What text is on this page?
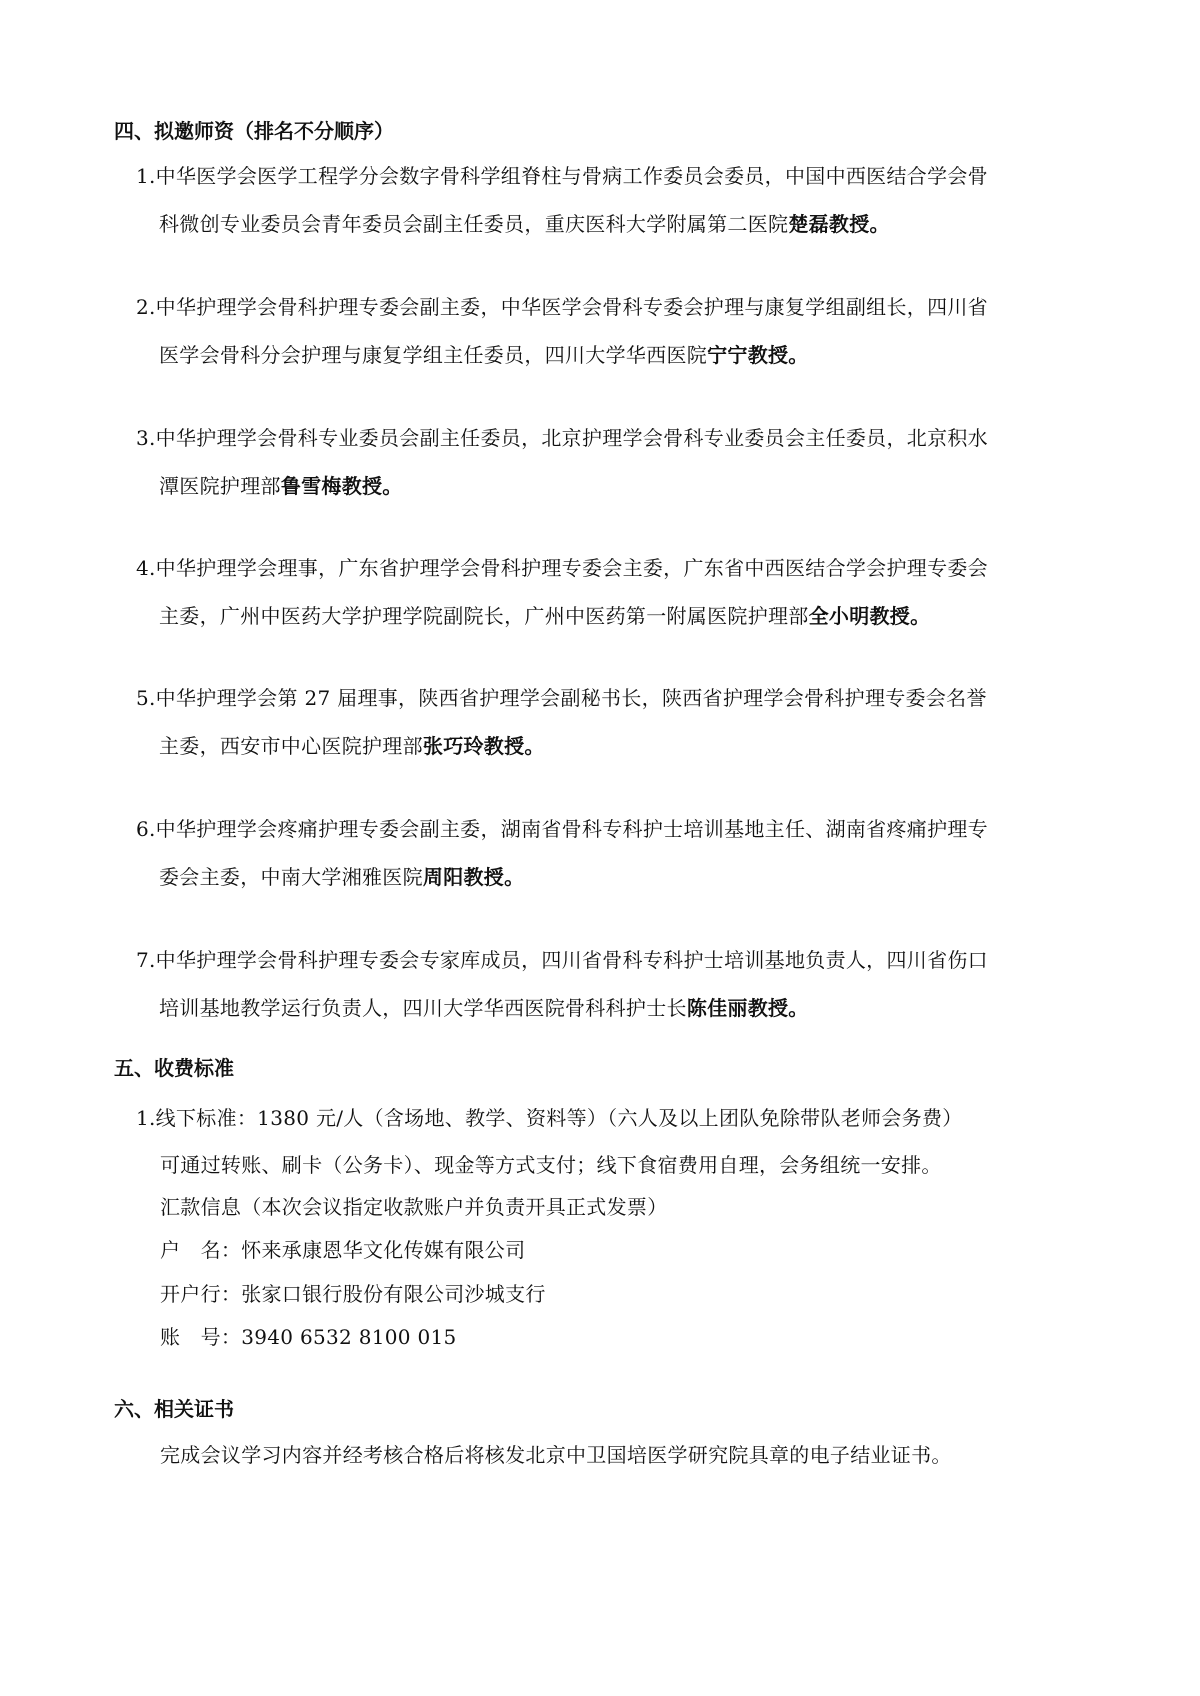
四、拟邀师资（排名不分顺序）
1.中华医学会医学工程学分会数字骨科学组脊柱与骨病工作委员会委员，中国中西医结合学会骨
科微创专业委员会青年委员会副主任委员，重庆医科大学附属第二医院楚磊教授。
2.中华护理学会骨科护理专委会副主委，中华医学会骨科专委会护理与康复学组副组长，四川省
医学会骨科分会护理与康复学组主任委员，四川大学华西医院宁宁教授。
3.中华护理学会骨科专业委员会副主任委员，北京护理学会骨科专业委员会主任委员，北京积水
潭医院护理部鲁雪梅教授。
4.中华护理学会理事，广东省护理学会骨科护理专委会主委，广东省中西医结合学会护理专委会
主委，广州中医药大学护理学院副院长，广州中医药第一附属医院护理部全小明教授。
5.中华护理学会第 27 届理事，陕西省护理学会副秘书长，陕西省护理学会骨科护理专委会名誉
主委，西安市中心医院护理部张巧玲教授。
6.中华护理学会疼痛护理专委会副主委，湖南省骨科专科护士培训基地主任、湖南省疼痛护理专
委会主委，中南大学湘雅医院周阳教授。
7.中华护理学会骨科护理专委会专家库成员，四川省骨科专科护士培训基地负责人，四川省伤口
培训基地教学运行负责人，四川大学华西医院骨科科护士长陈佳丽教授。
五、收费标准
1.线下标准：1380 元/人（含场地、教学、资料等）（六人及以上团队免除带队老师会务费）
可通过转账、刷卡（公务卡）、现金等方式支付；线下食宿费用自理，会务组统一安排。
汇款信息（本次会议指定收款账户并负责开具正式发票）
户　名：怀来承康恩华文化传媒有限公司
开户行：张家口银行股份有限公司沙城支行
账　号：3940 6532 8100 015
六、相关证书
完成会议学习内容并经考核合格后将核发北京中卫国培医学研究院具章的电子结业证书。
